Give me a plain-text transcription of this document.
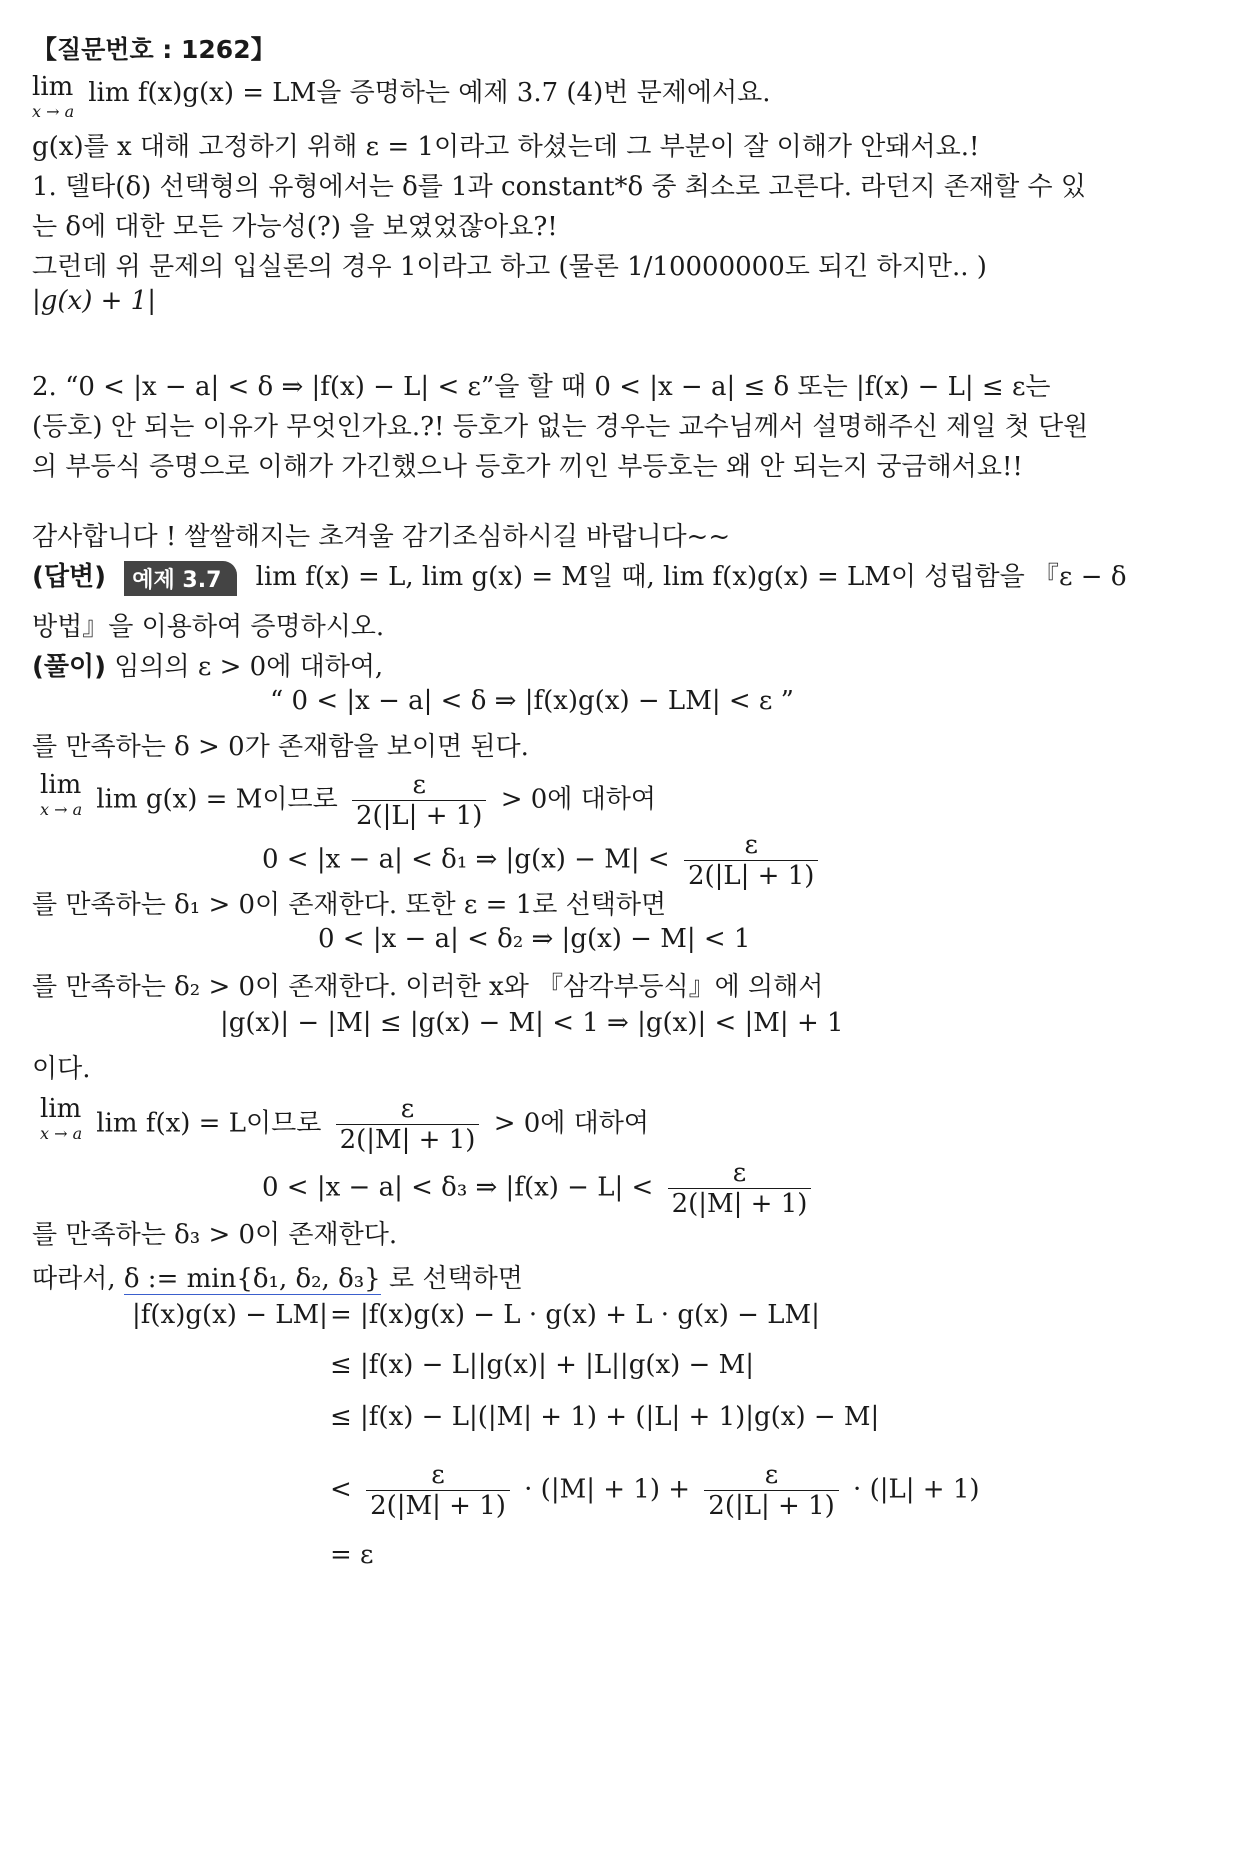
【질문번호 : 1262】
lim
x → a
lim f(x)g(x) = LM을 증명하는 예제 3.7 (4)번 문제에서요.
g(x)를 x 대해 고정하기 위해 ε = 1이라고 하셨는데 그 부분이 잘 이해가 안돼서요.!
1. 델타(δ) 선택형의 유형에서는 δ를 1과 constant*δ 중 최소로 고른다. 라던지 존재할 수 있
는 δ에 대한 모든 가능성(?) 을 보였었잖아요?!
그런데 위 문제의 입실론의 경우 1이라고 하고 (물론 1/10000000도 되긴 하지만.. )
|g(x) + 1|
2. “0 < |x − a| < δ ⇒ |f(x) − L| < ε”을 할 때 0 < |x − a| ≤ δ 또는 |f(x) − L| ≤ ε는
(등호) 안 되는 이유가 무엇인가요.?! 등호가 없는 경우는 교수님께서 설명해주신 제일 첫 단원
의 부등식 증명으로 이해가 가긴했으나 등호가 끼인 부등호는 왜 안 되는지 궁금해서요!!
감사합니다 ! 쌀쌀해지는 초겨울 감기조심하시길 바랍니다~~
(답변) 예제 3.7 lim f(x) = L, lim g(x) = M일 때, lim f(x)g(x) = LM이 성립함을 『ε − δ
방법』을 이용하여 증명하시오.
(풀이) 임의의 ε > 0에 대하여,
“ 0 < |x − a| < δ ⇒ |f(x)g(x) − LM| < ε ”
를 만족하는 δ > 0가 존재함을 보이면 된다.
lim
x → a lim g(x) = M이므로 $\frac{\varepsilon}{2(|L| + 1)} > 0$에 대하여
0 < |x − a| < δ₁ ⇒ $|g(x) - M| < \frac{\varepsilon}{2(|L| + 1)}$
를 만족하는 δ₁ > 0이 존재한다. 또한 ε = 1로 선택하면
0 < |x − a| < δ₂ ⇒ |g(x) − M| < 1
를 만족하는 δ₂ > 0이 존재한다. 이러한 x와 『삼각부등식』에 의해서
|g(x)| − |M| ≤ |g(x) − M| < 1 ⇒ |g(x)| < |M| + 1
이다.
lim
x → a lim f(x) = L이므로 $\frac{\varepsilon}{2(|M| + 1)} > 0$에 대하여
0 < |x − a| < δ₃ ⇒ $|f(x) - L| < \frac{\varepsilon}{2(|M| + 1)}$
를 만족하는 δ₃ > 0이 존재한다.
따라서, δ := min{δ₁, δ₂, δ₃} 로 선택하면
|f(x)g(x) − LM| = |f(x)g(x) − L · g(x) + L · g(x) − LM|
≤ |f(x) − L||g(x)| + |L||g(x) − M|
≤ |f(x) − L|(|M| + 1) + (|L| + 1)|g(x) − M|
< $\frac{\varepsilon}{2(|M| + 1)} \cdot (|M| + 1) + \frac{\varepsilon}{2(|L| + 1)} \cdot (|L| + 1)$
= ε
